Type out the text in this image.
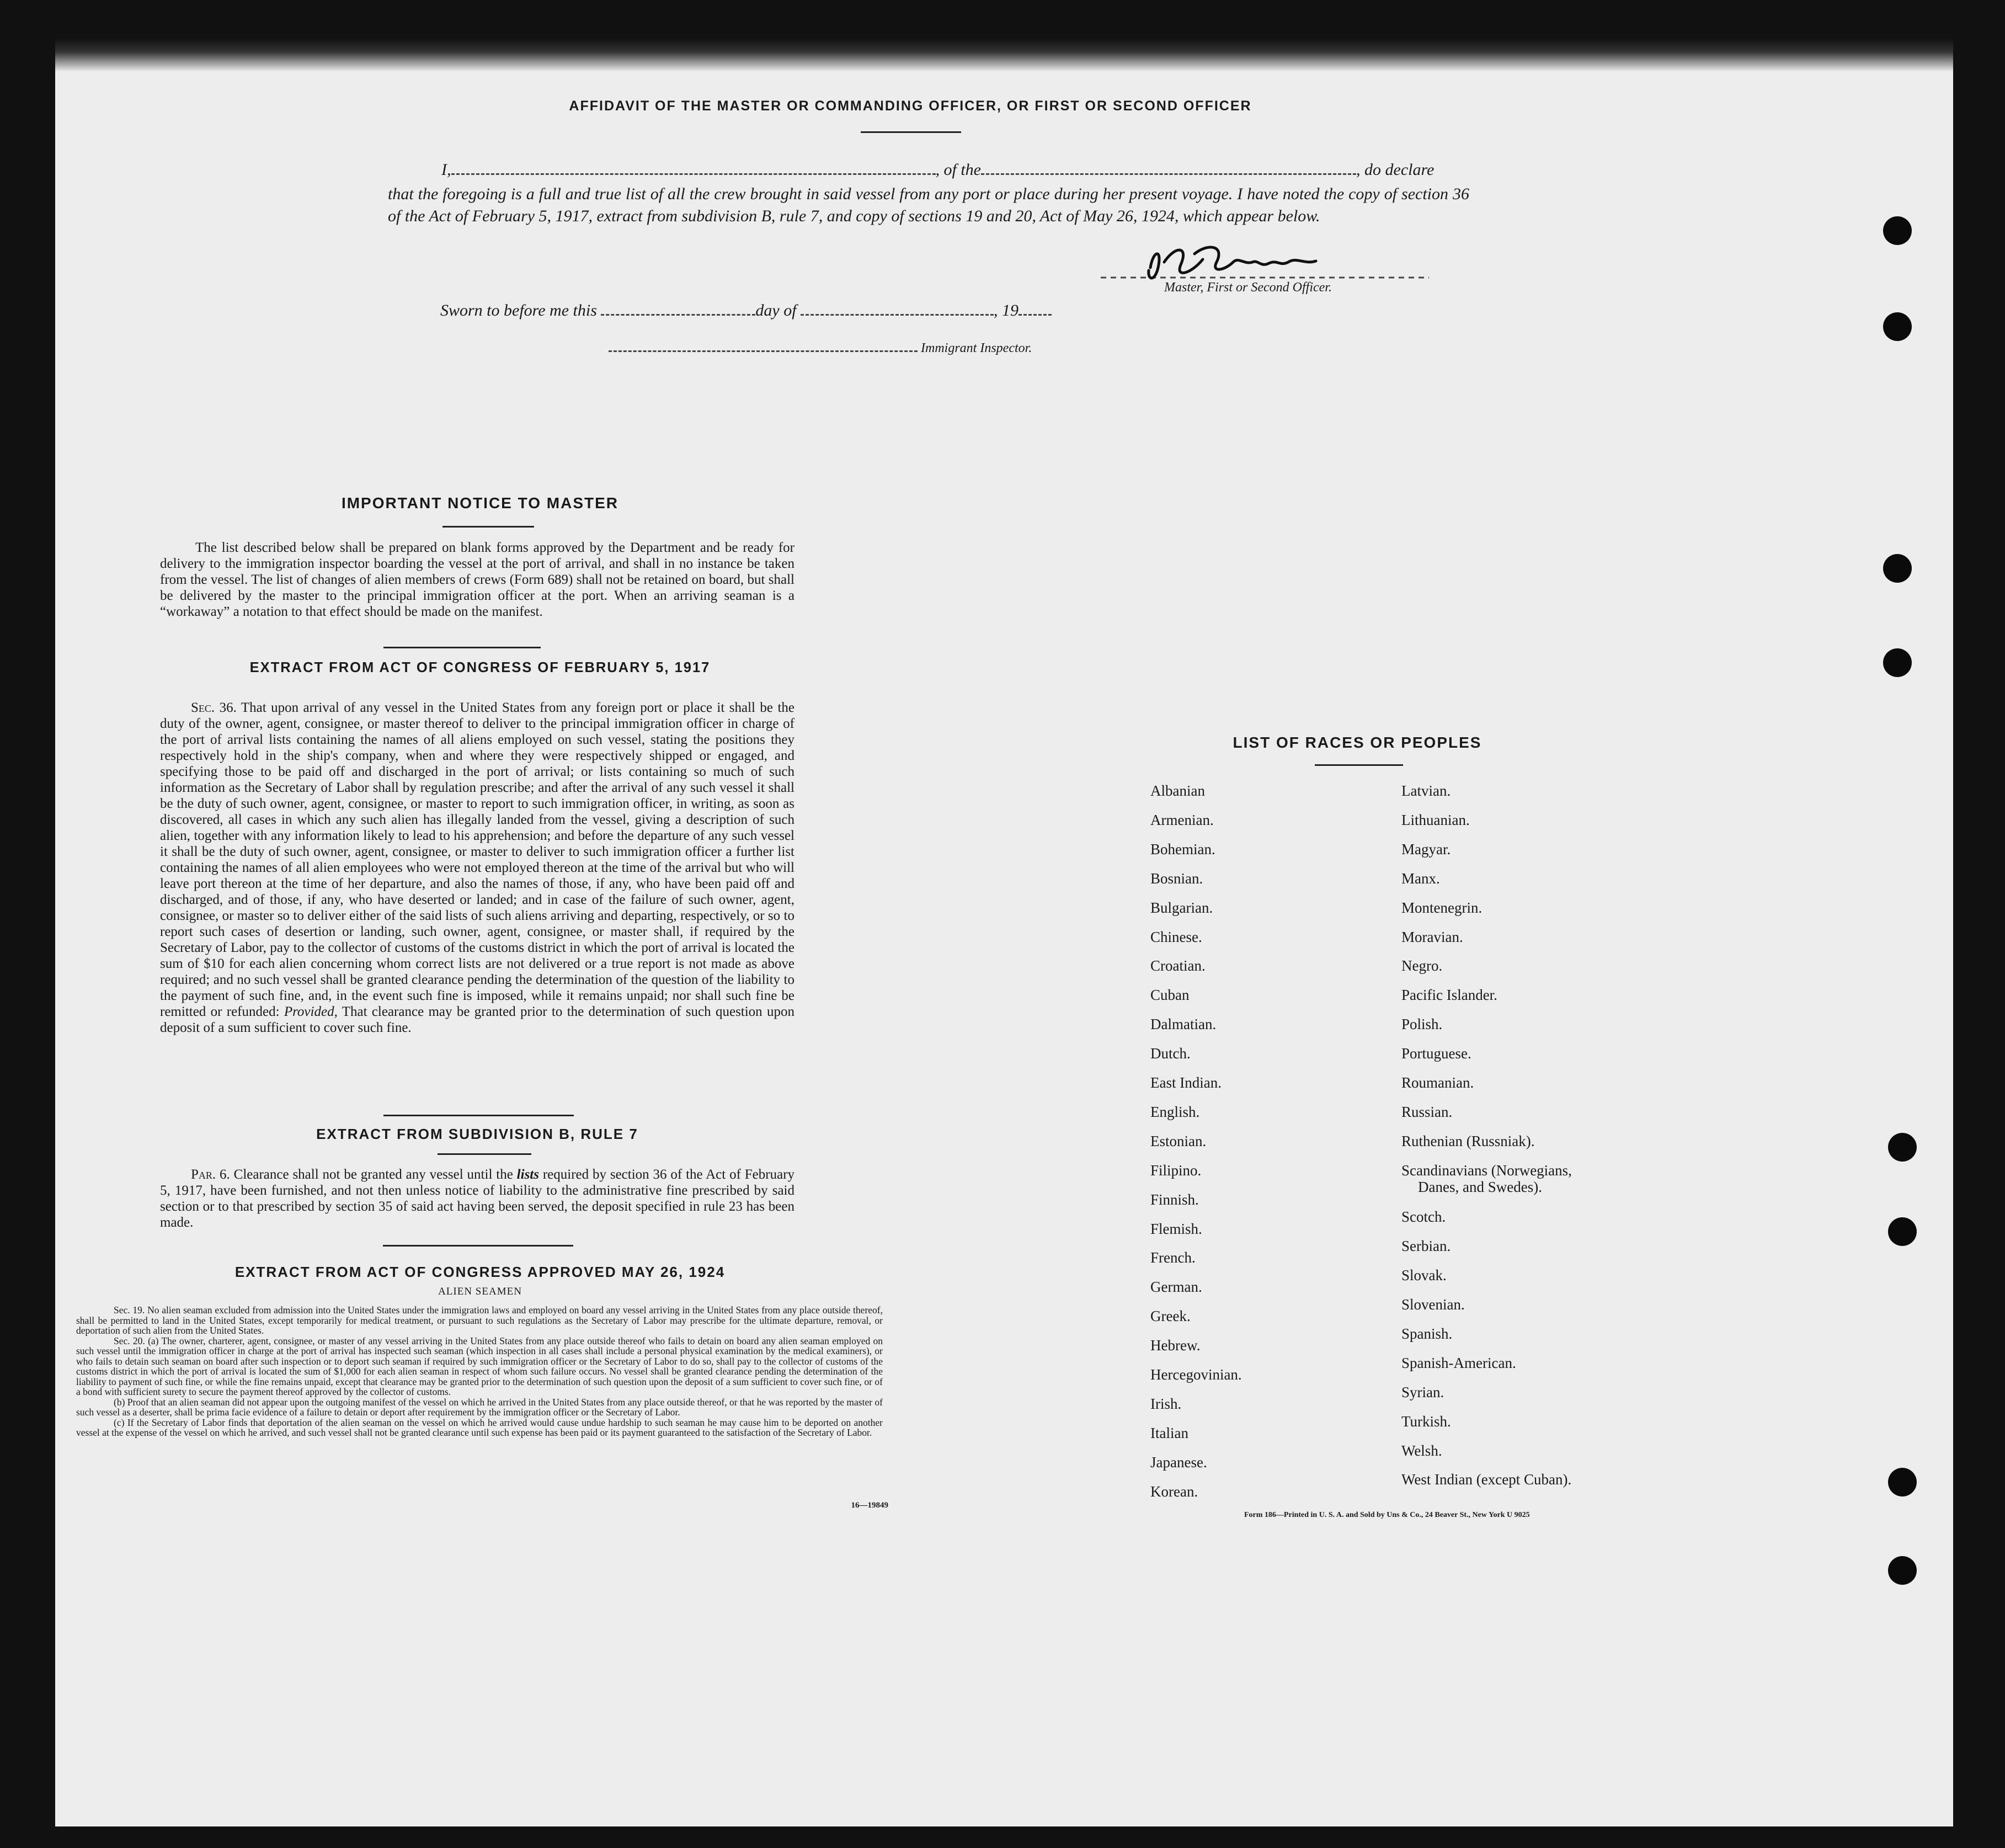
AFFIDAVIT OF THE MASTER OR COMMANDING OFFICER, OR FIRST OR SECOND OFFICER
I,	, of the	, do declare
that the foregoing is a full and true list of all the crew brought in said vessel from any port or place during her present voyage. I have noted the copy of section 36 of the Act of February 5, 1917, extract from subdivision B, rule 7, and copy of sections 19 and 20, Act of May 26, 1924, which appear below.
Master, First or Second Officer.
Sworn to before me this	day of	, 19
Immigrant Inspector.
IMPORTANT NOTICE TO MASTER
The list described below shall be prepared on blank forms approved by the Department and be ready for delivery to the immigration inspector boarding the vessel at the port of arrival, and shall in no instance be taken from the vessel. The list of changes of alien members of crews (Form 689) shall not be retained on board, but shall be delivered by the master to the principal immigration officer at the port. When an arriving seaman is a “workaway” a notation to that effect should be made on the manifest.
EXTRACT FROM ACT OF CONGRESS OF FEBRUARY 5, 1917
Sec. 36. That upon arrival of any vessel in the United States from any foreign port or place it shall be the duty of the owner, agent, consignee, or master thereof to deliver to the principal immigration officer in charge of the port of arrival lists containing the names of all aliens employed on such vessel, stating the positions they respectively hold in the ship's company, when and where they were respectively shipped or engaged, and specifying those to be paid off and discharged in the port of arrival; or lists containing so much of such information as the Secretary of Labor shall by regulation prescribe; and after the arrival of any such vessel it shall be the duty of such owner, agent, consignee, or master to report to such immigration officer, in writing, as soon as discovered, all cases in which any such alien has illegally landed from the vessel, giving a description of such alien, together with any information likely to lead to his apprehension; and before the departure of any such vessel it shall be the duty of such owner, agent, consignee, or master to deliver to such immigration officer a further list containing the names of all alien employees who were not employed thereon at the time of the arrival but who will leave port thereon at the time of her departure, and also the names of those, if any, who have been paid off and discharged, and of those, if any, who have deserted or landed; and in case of the failure of such owner, agent, consignee, or master so to deliver either of the said lists of such aliens arriving and departing, respectively, or so to report such cases of desertion or landing, such owner, agent, consignee, or master shall, if required by the Secretary of Labor, pay to the collector of customs of the customs district in which the port of arrival is located the sum of $10 for each alien concerning whom correct lists are not delivered or a true report is not made as above required; and no such vessel shall be granted clearance pending the determination of the question of the liability to the payment of such fine, and, in the event such fine is imposed, while it remains unpaid; nor shall such fine be remitted or refunded: Provided, That clearance may be granted prior to the determination of such question upon deposit of a sum sufficient to cover such fine.
EXTRACT FROM SUBDIVISION B, RULE 7
Par. 6. Clearance shall not be granted any vessel until the lists required by section 36 of the Act of February 5, 1917, have been furnished, and not then unless notice of liability to the administrative fine prescribed by said section or to that prescribed by section 35 of said act having been served, the deposit specified in rule 23 has been made.
EXTRACT FROM ACT OF CONGRESS APPROVED MAY 26, 1924
ALIEN SEAMEN
Sec. 19. No alien seaman excluded from admission into the United States under the immigration laws and employed on board any vessel arriving in the United States from any place outside thereof, shall be permitted to land in the United States, except temporarily for medical treatment, or pursuant to such regulations as the Secretary of Labor may prescribe for the ultimate departure, removal, or deportation of such alien from the United States.
Sec. 20. (a) The owner, charterer, agent, consignee, or master of any vessel arriving in the United States from any place outside thereof who fails to detain on board any alien seaman employed on such vessel until the immigration officer in charge at the port of arrival has inspected such seaman (which inspection in all cases shall include a personal physical examination by the medical examiners), or who fails to detain such seaman on board after such inspection or to deport such seaman if required by such immigration officer or the Secretary of Labor to do so, shall pay to the collector of customs of the customs district in which the port of arrival is located the sum of $1,000 for each alien seaman in respect of whom such failure occurs. No vessel shall be granted clearance pending the determination of the liability to payment of such fine, or while the fine remains unpaid, except that clearance may be granted prior to the determination of such question upon the deposit of a sum sufficient to cover such fine, or of a bond with sufficient surety to secure the payment thereof approved by the collector of customs.
(b) Proof that an alien seaman did not appear upon the outgoing manifest of the vessel on which he arrived in the United States from any place outside thereof, or that he was reported by the master of such vessel as a deserter, shall be prima facie evidence of a failure to detain or deport after requirement by the immigration officer or the Secretary of Labor.
(c) If the Secretary of Labor finds that deportation of the alien seaman on the vessel on which he arrived would cause undue hardship to such seaman he may cause him to be deported on another vessel at the expense of the vessel on which he arrived, and such vessel shall not be granted clearance until such expense has been paid or its payment guaranteed to the satisfaction of the Secretary of Labor.
16—19849
LIST OF RACES OR PEOPLES
Albanian
Armenian.
Bohemian.
Bosnian.
Bulgarian.
Chinese.
Croatian.
Cuban
Dalmatian.
Dutch.
East Indian.
English.
Estonian.
Filipino.
Finnish.
Flemish.
French.
German.
Greek.
Hebrew.
Hercegovinian.
Irish.
Italian
Japanese.
Korean.
Latvian.
Lithuanian.
Magyar.
Manx.
Montenegrin.
Moravian.
Negro.
Pacific Islander.
Polish.
Portuguese.
Roumanian.
Russian.
Ruthenian (Russniak).
Scandinavians (Norwegians,
Danes, and Swedes).
Scotch.
Serbian.
Slovak.
Slovenian.
Spanish.
Spanish-American.
Syrian.
Turkish.
Welsh.
West Indian (except Cuban).
Form 186—Printed in U. S. A. and Sold by Uns & Co., 24 Beaver St., New York U 9025
